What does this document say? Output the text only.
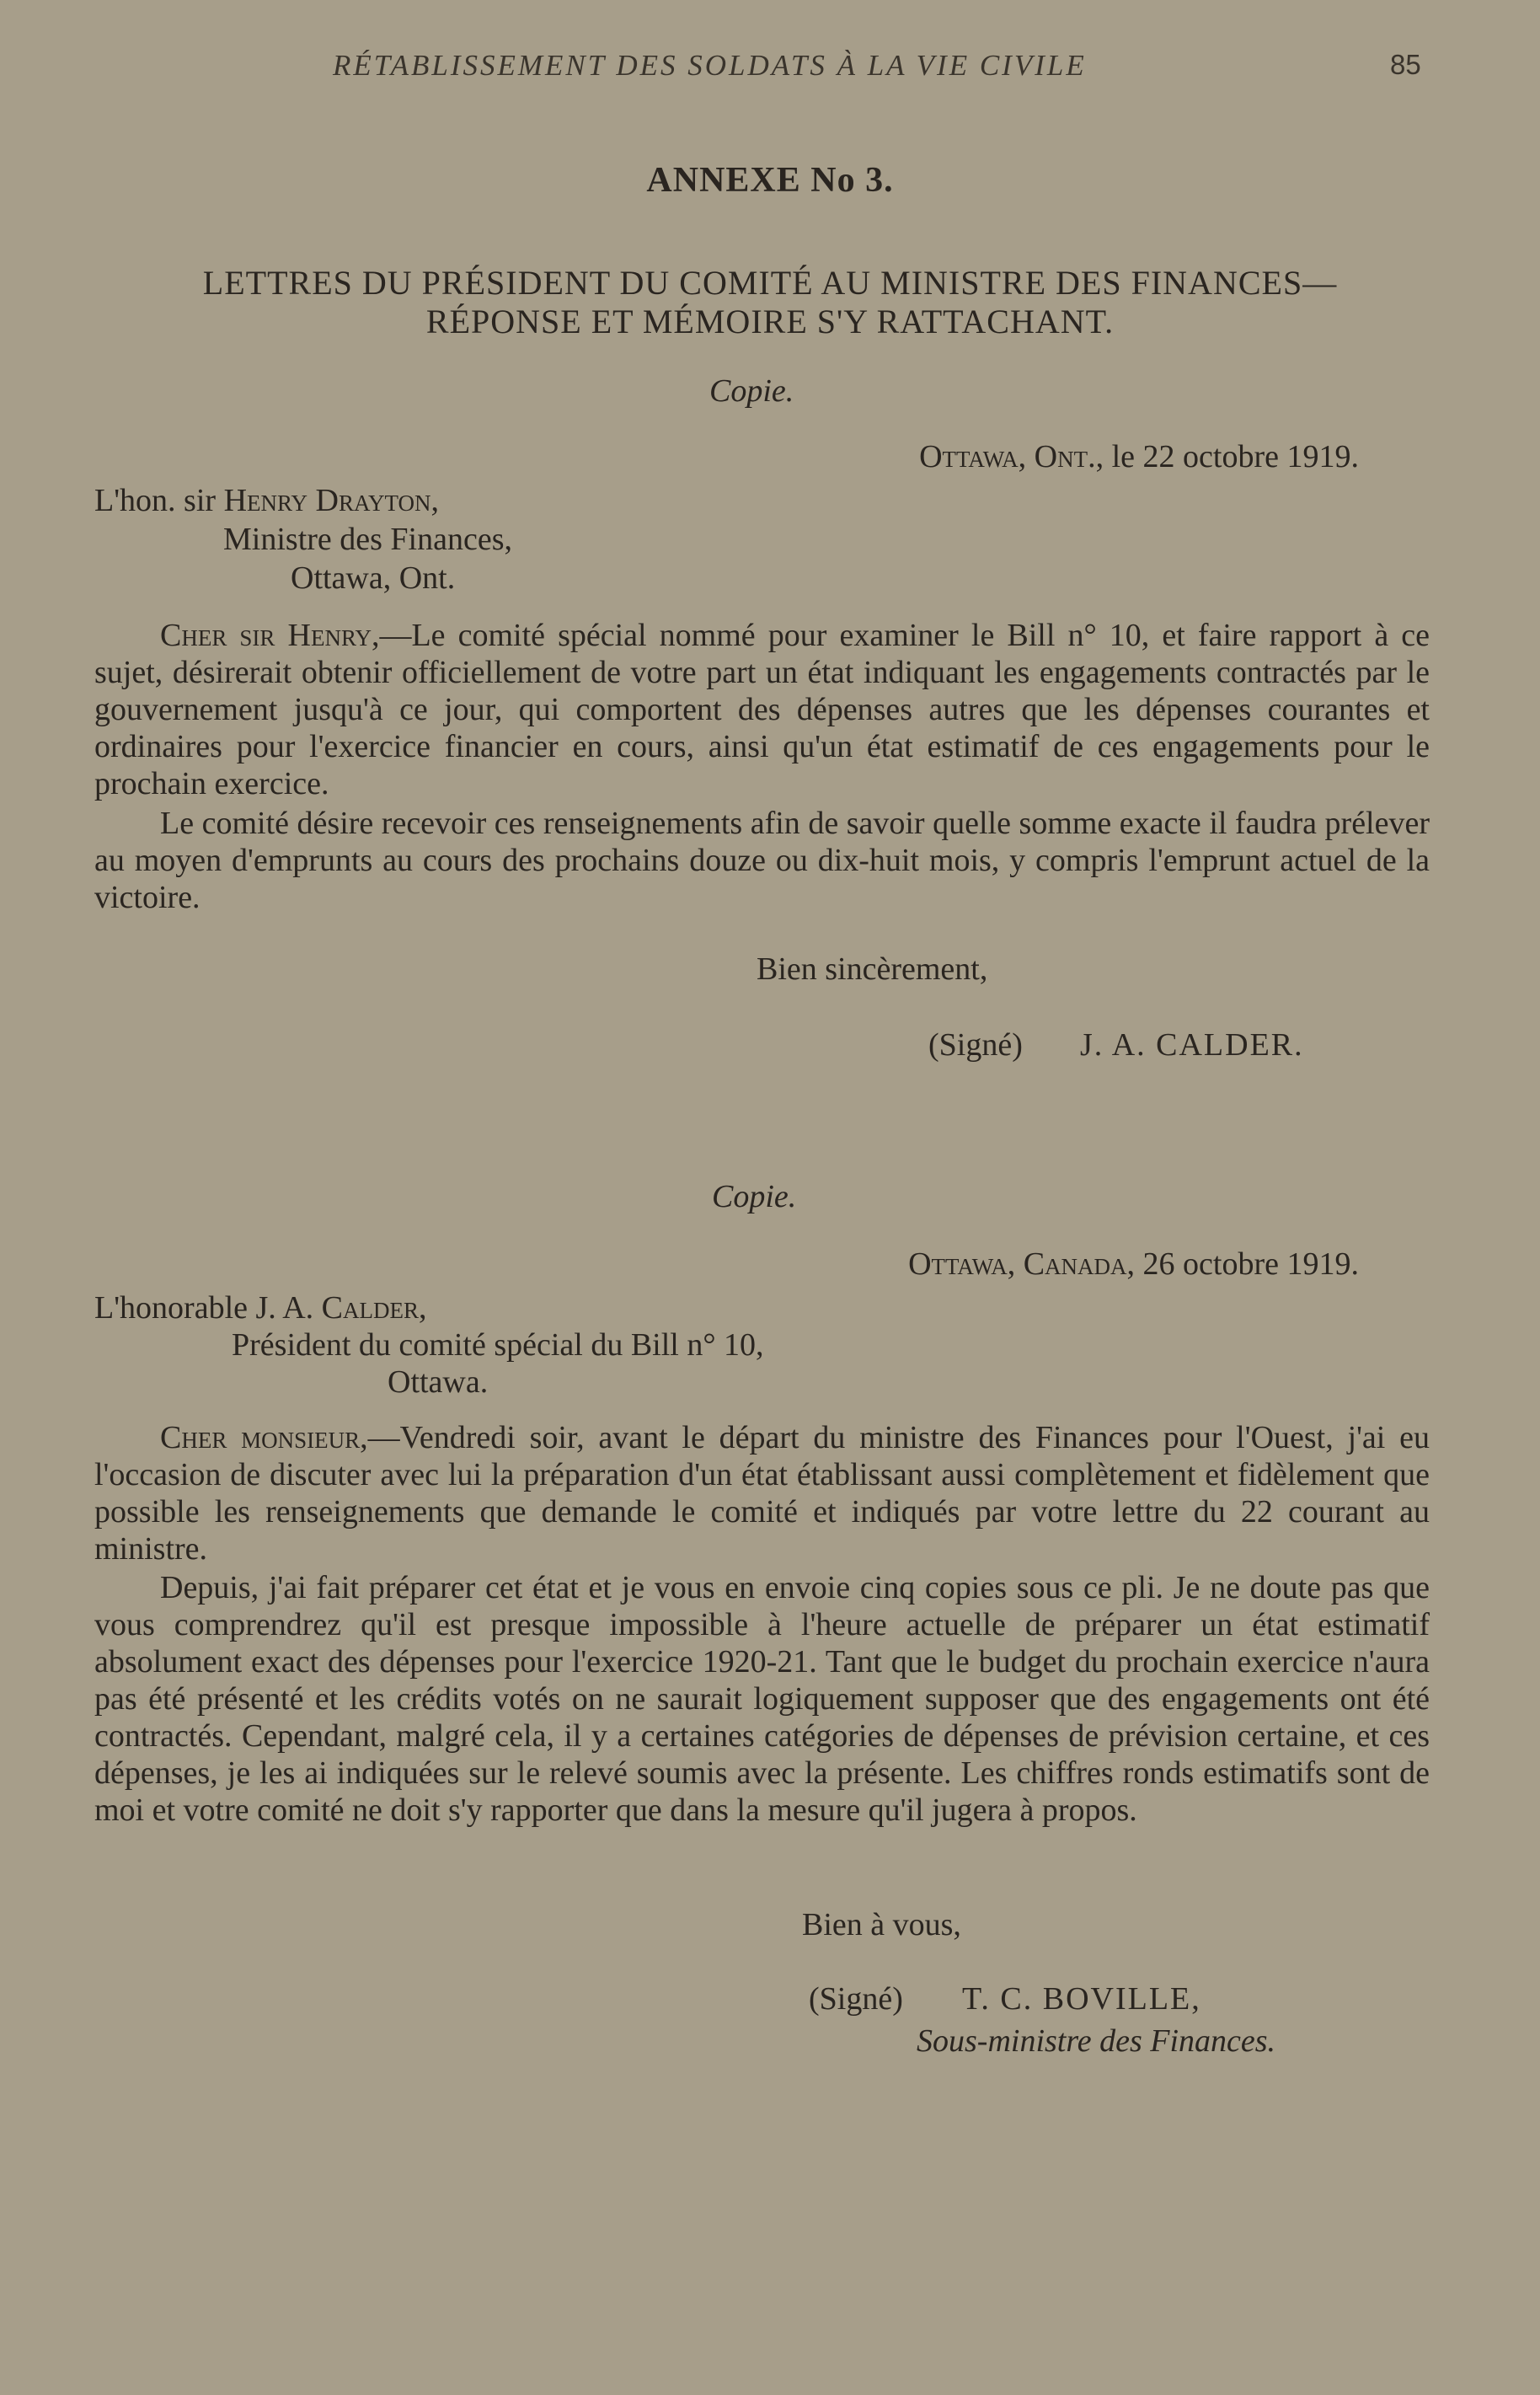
RÉTABLISSEMENT DES SOLDATS À LA VIE CIVILE	85
ANNEXE No 3.
LETTRES DU PRÉSIDENT DU COMITÉ AU MINISTRE DES FINANCES—
RÉPONSE ET MÉMOIRE S'Y RATTACHANT.
Copie.
Ottawa, Ont., le 22 octobre 1919.
L'hon. sir Henry Drayton,
Ministre des Finances,
Ottawa, Ont.
Cher sir Henry,—Le comité spécial nommé pour examiner le Bill n° 10, et faire rapport à ce sujet, désirerait obtenir officiellement de votre part un état indiquant les engagements contractés par le gouvernement jusqu'à ce jour, qui comportent des dépenses autres que les dépenses courantes et ordinaires pour l'exercice financier en cours, ainsi qu'un état estimatif de ces engagements pour le prochain exercice.
Le comité désire recevoir ces renseignements afin de savoir quelle somme exacte il faudra prélever au moyen d'emprunts au cours des prochains douze ou dix-huit mois, y compris l'emprunt actuel de la victoire.
Bien sincèrement,
(Signé) J. A. CALDER.
Copie.
Ottawa, Canada, 26 octobre 1919.
L'honorable J. A. Calder,
Président du comité spécial du Bill n° 10,
Ottawa.
Cher monsieur,—Vendredi soir, avant le départ du ministre des Finances pour l'Ouest, j'ai eu l'occasion de discuter avec lui la préparation d'un état établissant aussi complètement et fidèlement que possible les renseignements que demande le comité et indiqués par votre lettre du 22 courant au ministre.
Depuis, j'ai fait préparer cet état et je vous en envoie cinq copies sous ce pli. Je ne doute pas que vous comprendrez qu'il est presque impossible à l'heure actuelle de préparer un état estimatif absolument exact des dépenses pour l'exercice 1920-21. Tant que le budget du prochain exercice n'aura pas été présenté et les crédits votés on ne saurait logiquement supposer que des engagements ont été contractés. Cependant, malgré cela, il y a certaines catégories de dépenses de prévision certaine, et ces dépenses, je les ai indiquées sur le relevé soumis avec la présente. Les chiffres ronds estimatifs sont de moi et votre comité ne doit s'y rapporter que dans la mesure qu'il jugera à propos.
Bien à vous,
(Signé) T. C. BOVILLE,
Sous-ministre des Finances.
